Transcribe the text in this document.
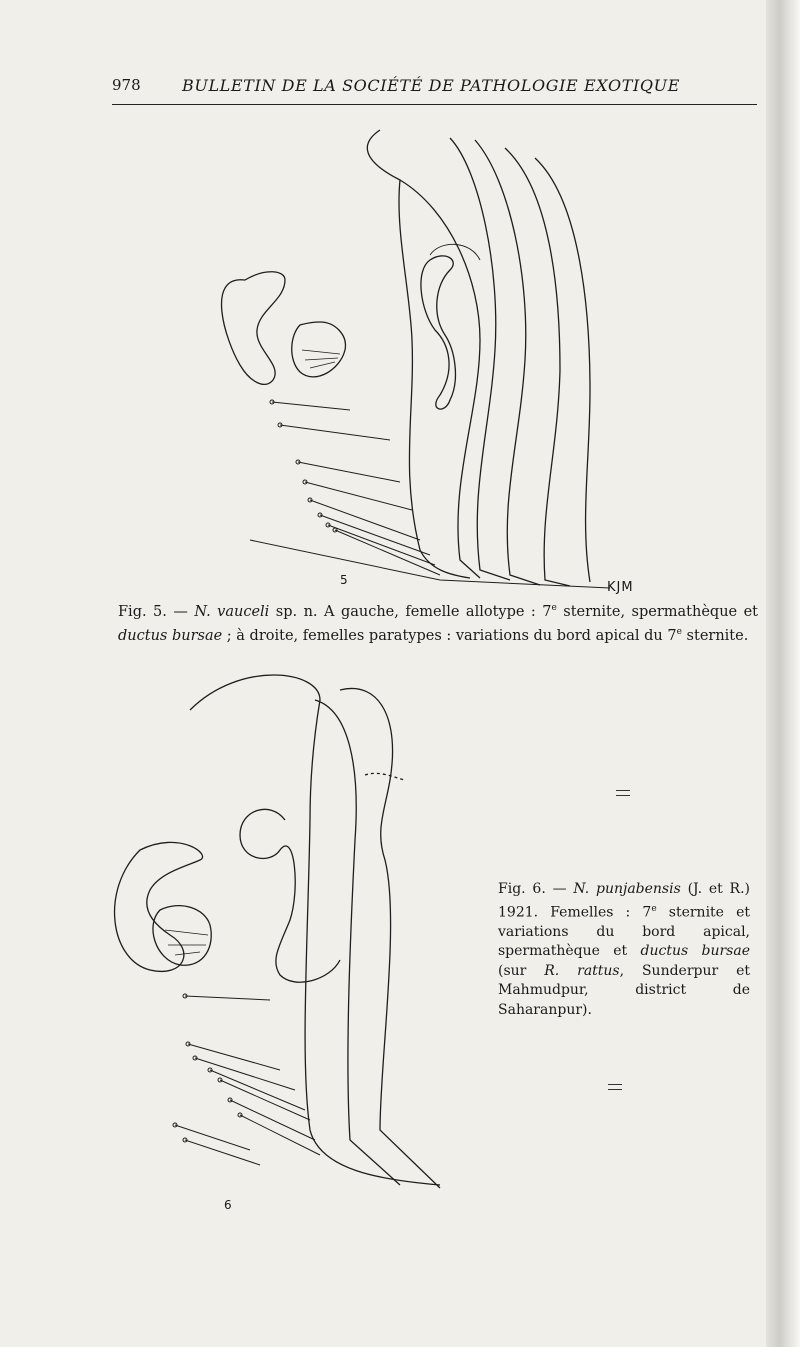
978	BULLETIN DE LA SOCIÉTÉ DE PATHOLOGIE EXOTIQUE
5	KJM
Fig. 5. — N. vauceli sp. n. A gauche, femelle allotype : 7e sternite, spermathèque et ductus bursae ; à droite, femelles paratypes : variations du bord apical du 7e sternite.
6
Fig. 6. — N. punjabensis (J. et R.) 1921. Femelles : 7e sternite et variations du bord apical, spermathèque et ductus bursae (sur R. rattus, Sunderpur et Mahmudpur, district de Saharanpur).
